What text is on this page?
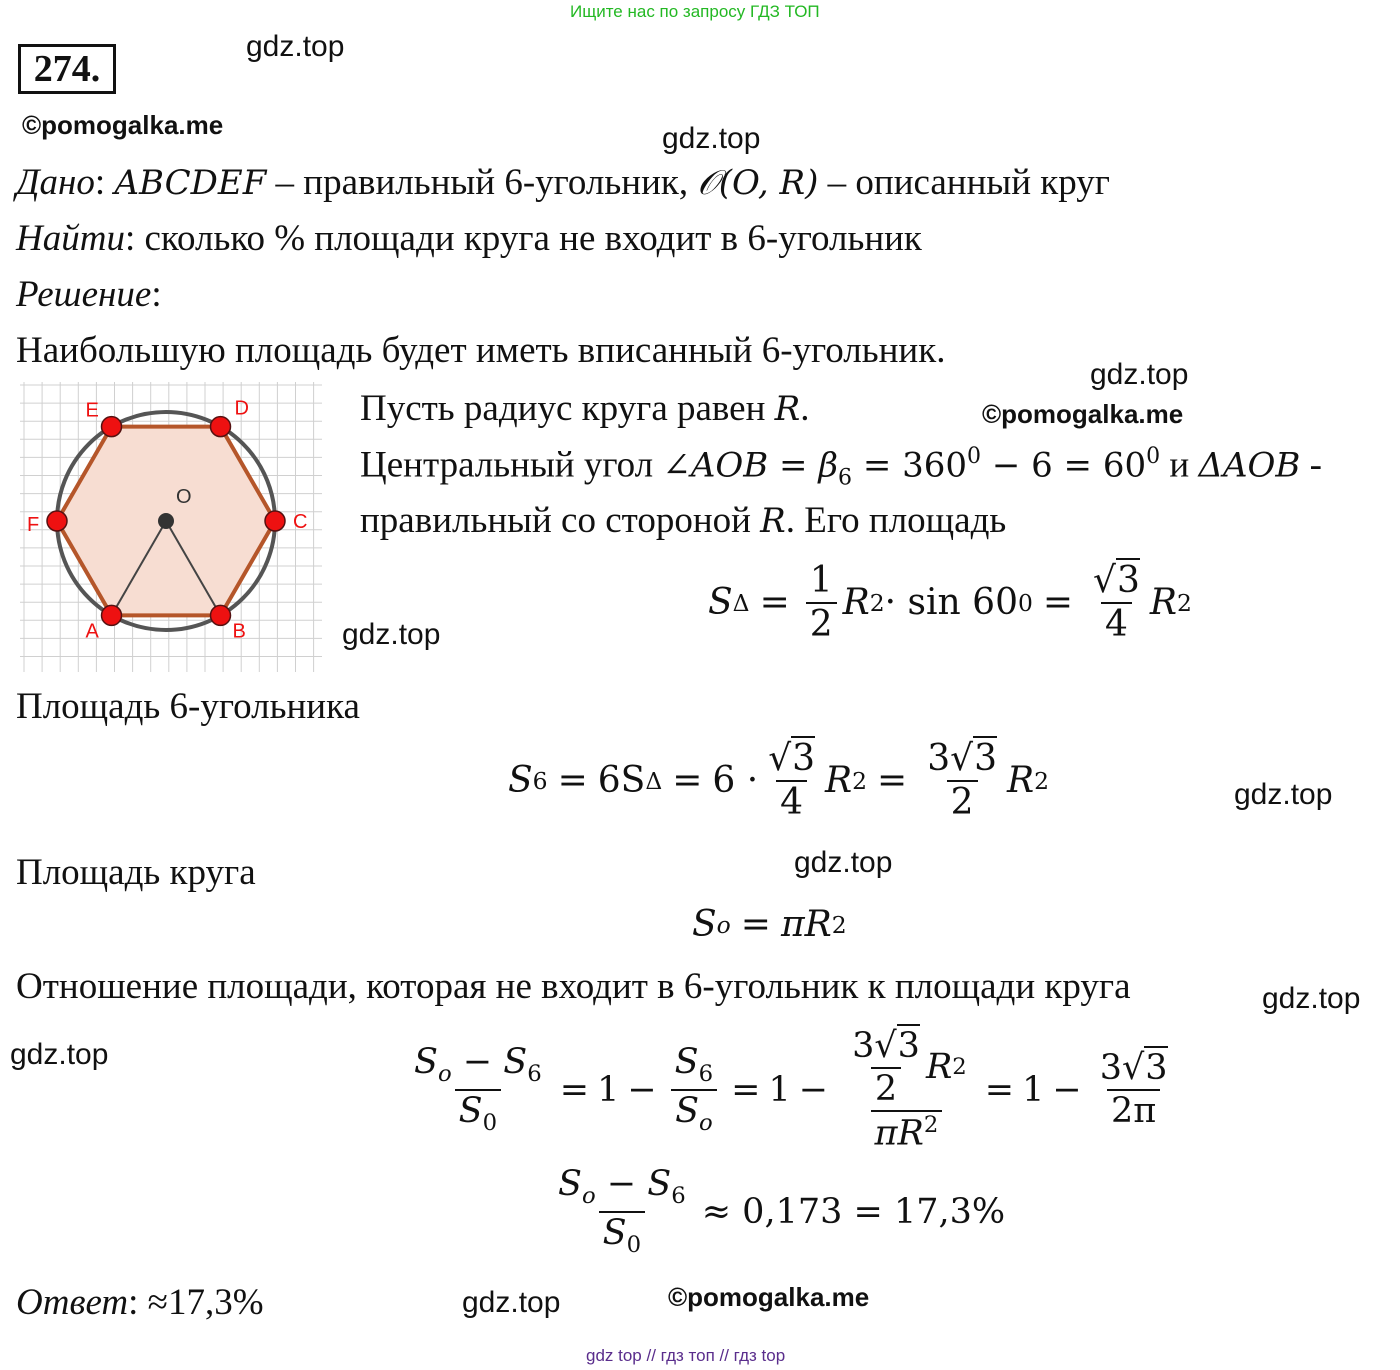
Ищите нас по запросу ГДЗ ТОП
274.
gdz.top
©pomogalka.me	gdz.top
gdz.top
©pomogalka.me
gdz.top
gdz.top
gdz.top
gdz.top
gdz.top
gdz.top	©pomogalka.me
Дано: ABCDEF – правильный 6-угольник, 𝒪(O, R) – описанный круг
Найти: сколько % площади круга не входит в 6-угольник
Решение:
Наибольшую площадь будет иметь вписанный 6-угольник.
C
D
E
F
A	B
O
Пусть радиус круга равен R.
Центральный угол ∠AOB = $\beta_6 = 360^0 - 6 = 60^0$ и ΔAOB -
правильный со стороной R. Его площадь
S $\Delta = \frac{1}{2}$ R 2 · sin 60 $0 = \frac{√3}{4}$ R 2
Площадь 6-угольника
S 6 = 6S $\Delta = 6 \cdot \frac{√3}{4}$ R $2 = \frac{3√3}{2}$ R 2
Площадь круга
S o = πR 2
Отношение площади, которая не входит в 6-угольник к площади круга
$\frac{S_o - S_6}{S_0} = 1 - \frac{S_6}{S_o} = 1 - \frac{\frac{3√3}{2} R 2}{\pi R^2} = 1 - \frac{3√3}{2\pi}$
$\frac{S_o - S_6}{S_0} \approx 0,173 = 17,3\%$
Ответ: ≈17,3%
gdz top // гдз топ // гдз top
